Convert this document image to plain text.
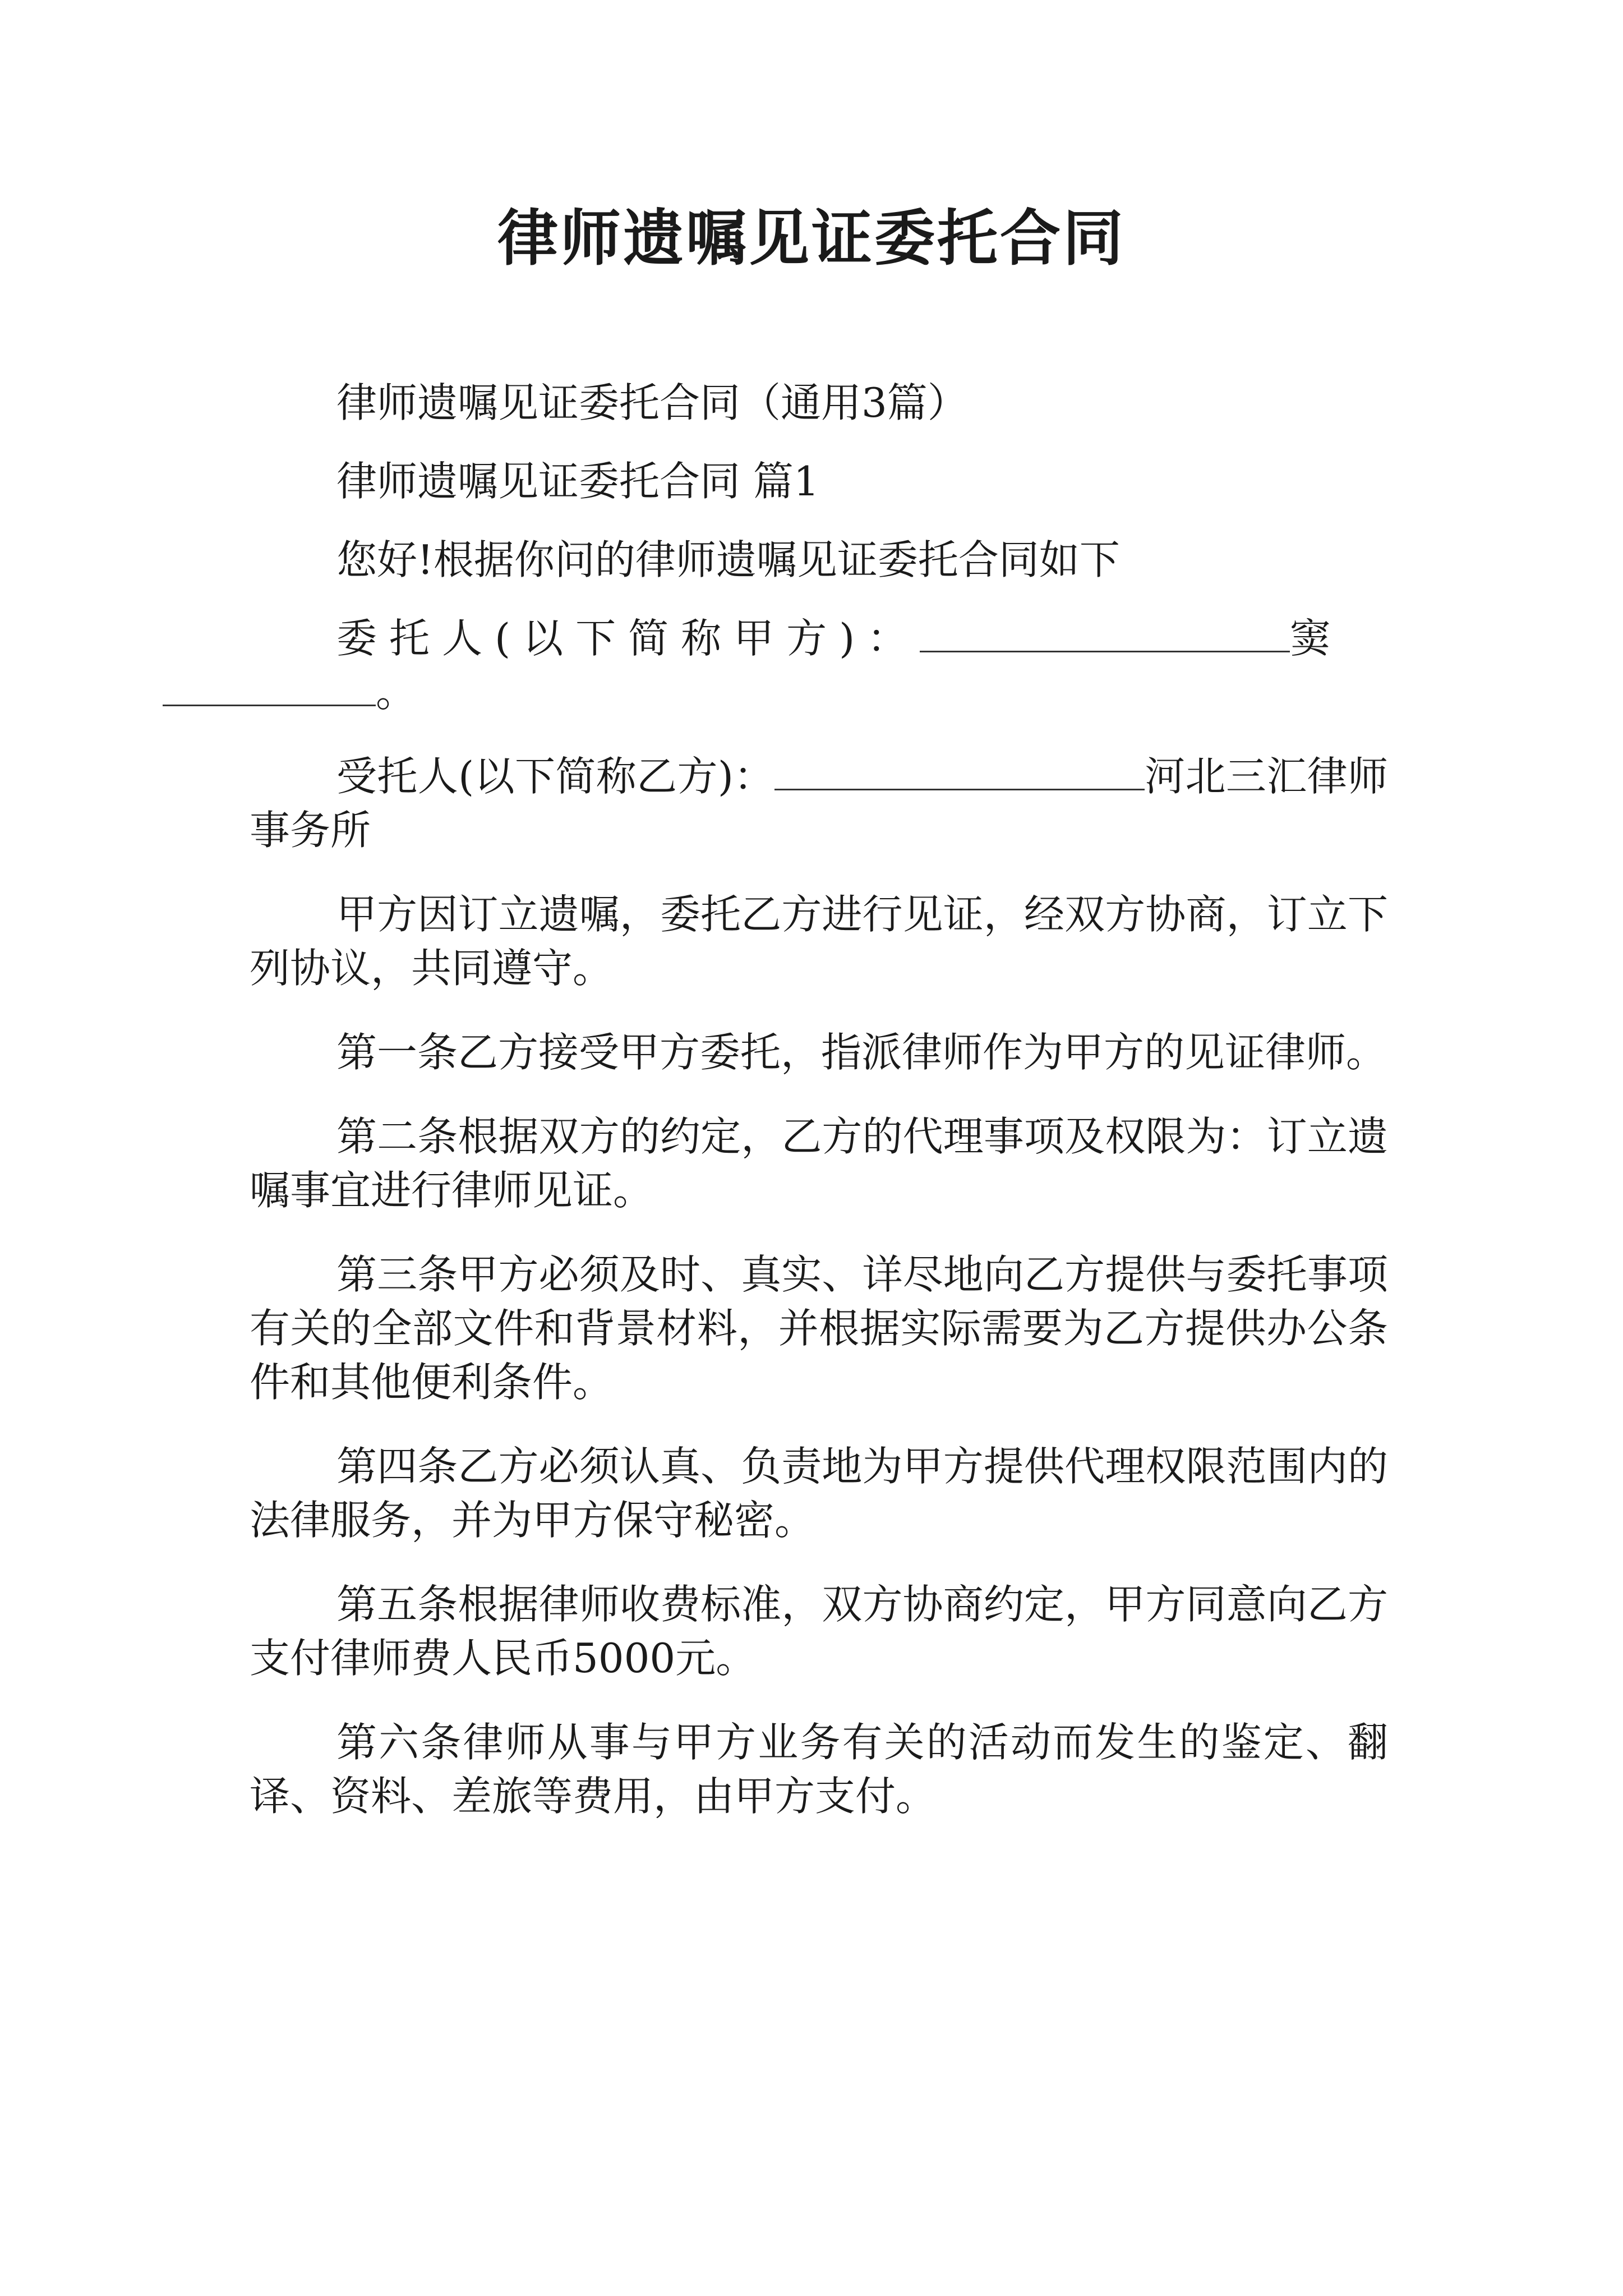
律师遗嘱见证委托合同

律师遗嘱见证委托合同（通用3篇）

律师遗嘱见证委托合同 篇1

您好!根据你问的律师遗嘱见证委托合同如下

委托人(以下简称甲方)：	窦
。

受托人(以下简称乙方)：	河北三汇律师事务所

甲方因订立遗嘱，委托乙方进行见证，经双方协商，订立下列协议，共同遵守。

第一条乙方接受甲方委托，指派律师作为甲方的见证律师。

第二条根据双方的约定，乙方的代理事项及权限为：订立遗嘱事宜进行律师见证。

第三条甲方必须及时、真实、详尽地向乙方提供与委托事项有关的全部文件和背景材料，并根据实际需要为乙方提供办公条件和其他便利条件。

第四条乙方必须认真、负责地为甲方提供代理权限范围内的法律服务，并为甲方保守秘密。

第五条根据律师收费标准，双方协商约定，甲方同意向乙方支付律师费人民币5000元。

第六条律师从事与甲方业务有关的活动而发生的鉴定、翻译、资料、差旅等费用，由甲方支付。
